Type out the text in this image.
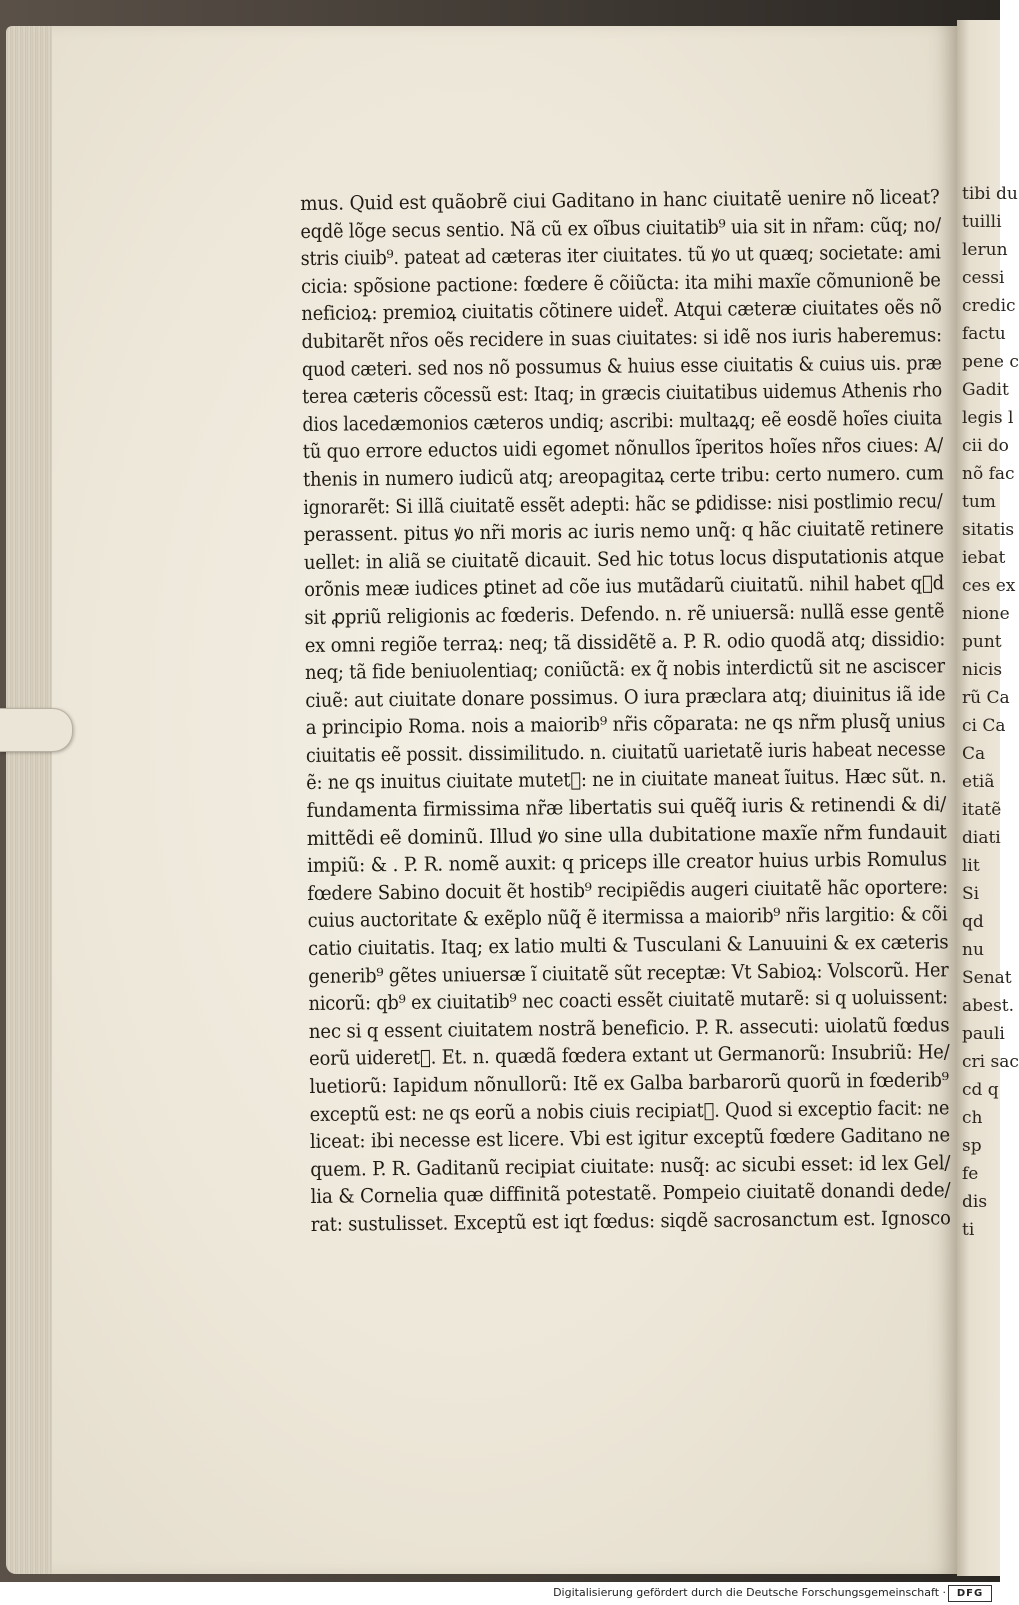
tibi du
tuilli
lerun
cessi
credic
factu
pene c
Gadit
legis l
cii do
nõ fac
tum
sitatis
iebat
ces ex
nione
punt
nicis
rũ Ca
ci Ca
Ca
etiã
itatẽ
diati
lit
Si
qd
nu
Senat
abest.
pauli
cri sac
cd q
ch
sp
fe
dis
ti
mus. Quid est quãobrẽ ciui Gaditano in hanc ciuitatẽ uenire nõ liceat?
eqdẽ lõge secus sentio. Nã cũ ex oĩbus ciuitatib⁹ uia sit in nr̃am: cũq; no/
stris ciuib⁹. pateat ad cæteras iter ciuitates. tũ ꝟo ut quæq; societate: ami
cicia: spõsione pactione: fœdere ẽ cõiũcta: ita mihi maxĩe cõmunionẽ be
neficioꝝ: premioꝝ ciuitatis cõtinere uidet᷑. Atqui cæteræ ciuitates oẽs nõ
dubitarẽt nr̃os oẽs recidere in suas ciuitates: si idẽ nos iuris haberemus:
quod cæteri. sed nos nõ possumus & huius esse ciuitatis & cuius uis. præ
terea cæteris cõcessũ est: Itaq; in græcis ciuitatibus uidemus Athenis rho
dios lacedæmonios cæteros undiq; ascribi: multaꝝq; eẽ eosdẽ hoĩes ciuita
tũ quo errore eductos uidi egomet nõnullos ĩperitos hoĩes nr̃os ciues: A/
thenis in numero iudicũ atq; areopagitaꝝ certe tribu: certo numero. cum
ignorarẽt: Si illã ciuitatẽ essẽt adepti: hãc se ꝑdidisse: nisi postlimio recu/
perassent. pitus ꝟo nr̃i moris ac iuris nemo unq̃: q hãc ciuitatẽ retinere
uellet: in aliã se ciuitatẽ dicauit. Sed hic totus locus disputationis atque
orõnis meæ iudices ꝑtinet ad cõe ius mutãdarũ ciuitatũ. nihil habet q᷑d
sit ꝓpriũ religionis ac fœderis. Defendo. n. rẽ uniuersã: nullã esse gentẽ
ex omni regiõe terraꝝ: neq; tã dissidẽtẽ a. P. R. odio quodã atq; dissidio:
neq; tã fide beniuolentiaq; coniũctã: ex q̃ nobis interdictũ sit ne asciscer
ciuẽ: aut ciuitate donare possimus. O iura præclara atq; diuinitus iã ide
a principio Roma. nois a maiorib⁹ nr̃is cõparata: ne qs nr̃m plusq̃ unius
ciuitatis eẽ possit. dissimilitudo. n. ciuitatũ uarietatẽ iuris habeat necesse
ẽ: ne qs inuitus ciuitate mutet᷑: ne in ciuitate maneat ĩuitus. Hæc sũt. n.
fundamenta firmissima nr̃æ libertatis sui quẽq̃ iuris & retinendi & di/
mittẽdi eẽ dominũ. Illud ꝟo sine ulla dubitatione maxĩe nr̃m fundauit
impiũ: & . P. R. nomẽ auxit: q priceps ille creator huius urbis Romulus
fœdere Sabino docuit ẽt hostib⁹ recipiẽdis augeri ciuitatẽ hãc oportere:
cuius auctoritate & exẽplo nũq̃ ẽ itermissa a maiorib⁹ nr̃is largitio: & cõi
catio ciuitatis. Itaq; ex latio multi & Tusculani & Lanuuini & ex cæteris
generib⁹ gẽtes uniuersæ ĩ ciuitatẽ sũt receptæ: Vt Sabioꝝ: Volscorũ. Her
nicorũ: qb⁹ ex ciuitatib⁹ nec coacti essẽt ciuitatẽ mutarẽ: si q uoluissent:
nec si q essent ciuitatem nostrã beneficio. P. R. assecuti: uiolatũ fœdus
eorũ uideret᷑. Et. n. quædã fœdera extant ut Germanorũ: Insubriũ: He/
luetiorũ: Iapidum nõnullorũ: Itẽ ex Galba barbarorũ quorũ in fœderib⁹
exceptũ est: ne qs eorũ a nobis ciuis recipiat᷑. Quod si exceptio facit: ne
liceat: ibi necesse est licere. Vbi est igitur exceptũ fœdere Gaditano ne
quem. P. R. Gaditanũ recipiat ciuitate: nusq̃: ac sicubi esset: id lex Gel/
lia & Cornelia quæ diffinitã potestatẽ. Pompeio ciuitatẽ donandi dede/
rat: sustulisset. Exceptũ est iqt fœdus: siqdẽ sacrosanctum est. Ignosco
Digitalisierung gefördert durch die Deutsche Forschungsgemeinschaft ·	DFG
